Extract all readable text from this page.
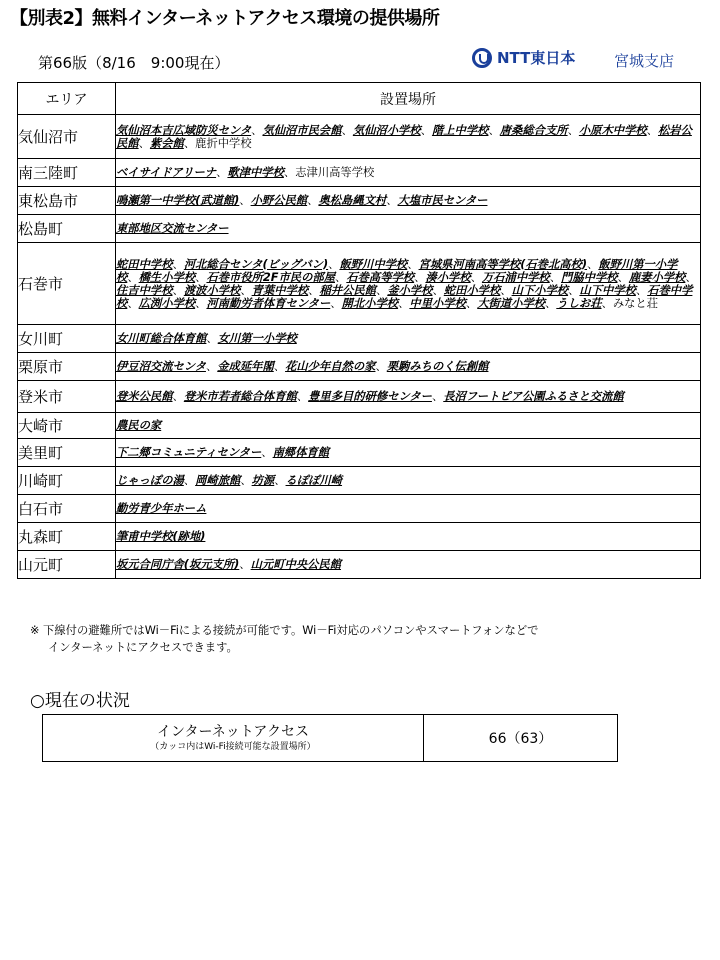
【別表2】無料インターネットアクセス環境の提供場所
第66版（8/16　9:00現在）	NTT東日本	宮城支店
エリア	設置場所
気仙沼市	気仙沼本吉広域防災センタ、気仙沼市民会館、気仙沼小学校、階上中学校、唐桑総合支所、小原木中学校、松岩公民館、紫会館、鹿折中学校
南三陸町	ベイサイドアリーナ、歌津中学校、志津川高等学校
東松島市	鳴瀬第一中学校(武道館)、小野公民館、奥松島縄文村、大塩市民センター
松島町	東部地区交流センター
石巻市	蛇田中学校、河北総合センタ(ビッグバン)、飯野川中学校、宮城県河南高等学校(石巻北高校)、飯野川第一小学校、橋生小学校、石巻市役所2F市民の部屋、石巻高等学校、湊小学校、万石浦中学校、門脇中学校、鹿妻小学校、住吉中学校、渡波小学校、青葉中学校、稲井公民館、釜小学校、蛇田小学校、山下小学校、山下中学校、石巻中学校、広渕小学校、河南勤労者体育センター、開北小学校、中里小学校、大街道小学校、うしお荘、みなと荘
女川町	女川町総合体育館、女川第一小学校
栗原市	伊豆沼交流センタ、金成延年閣、花山少年自然の家、栗駒みちのく伝創館
登米市	登米公民館、登米市若者総合体育館、豊里多目的研修センター、長沼フートピア公園ふるさと交流館
大崎市	農民の家
美里町	下二郷コミュニティセンター、南郷体育館
川崎町	じゃっぽの湯、岡崎旅館、坊源、るぽぽ川崎
白石市	勤労青少年ホーム
丸森町	筆甫中学校(跡地)
山元町	坂元合同庁舎(坂元支所)、山元町中央公民館
※ 下線付の避難所ではWi－Fiによる接続が可能です。Wi－Fi対応のパソコンやスマートフォンなどで
インターネットにアクセスできます。
○現在の状況
インターネットアクセス
（カッコ内はWi-Fi接続可能な設置場所）	66（63）
